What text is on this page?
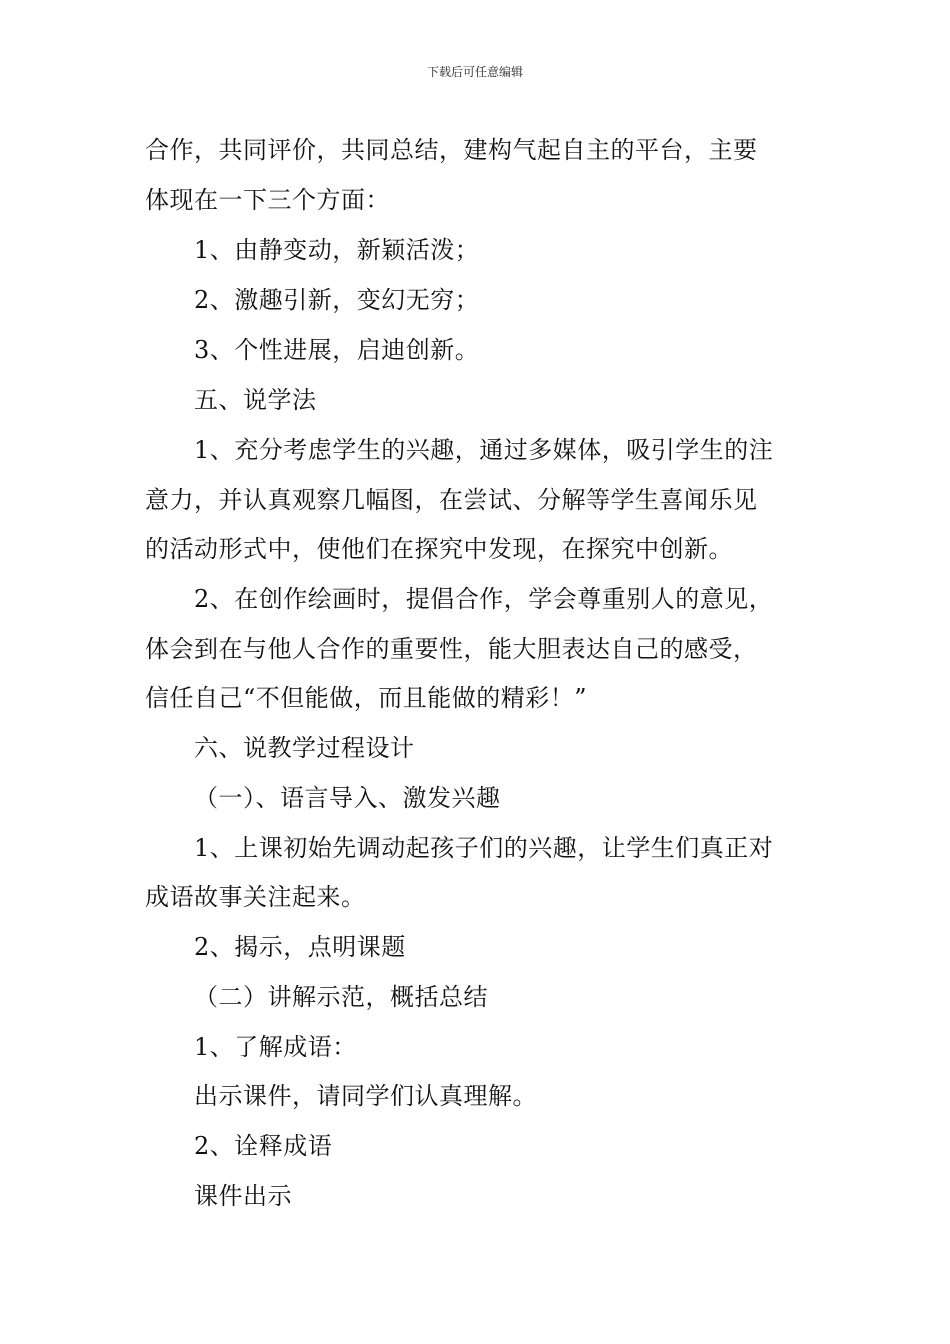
下载后可任意编辑
合作，共同评价，共同总结，建构气起自主的平台，主要
体现在一下三个方面：
1、由静变动，新颖活泼；
2、激趣引新，变幻无穷；
3、个性进展，启迪创新。
五、说学法
1、充分考虑学生的兴趣，通过多媒体，吸引学生的注
意力，并认真观察几幅图，在尝试、分解等学生喜闻乐见
的活动形式中，使他们在探究中发现，在探究中创新。
2、在创作绘画时，提倡合作，学会尊重别人的意见，
体会到在与他人合作的重要性，能大胆表达自己的感受，
信任自己“不但能做，而且能做的精彩！”
六、说教学过程设计
（一）、语言导入、激发兴趣
1、上课初始先调动起孩子们的兴趣，让学生们真正对
成语故事关注起来。
2、揭示，点明课题
（二）讲解示范，概括总结
1、了解成语：
出示课件，请同学们认真理解。
2、诠释成语
课件出示
